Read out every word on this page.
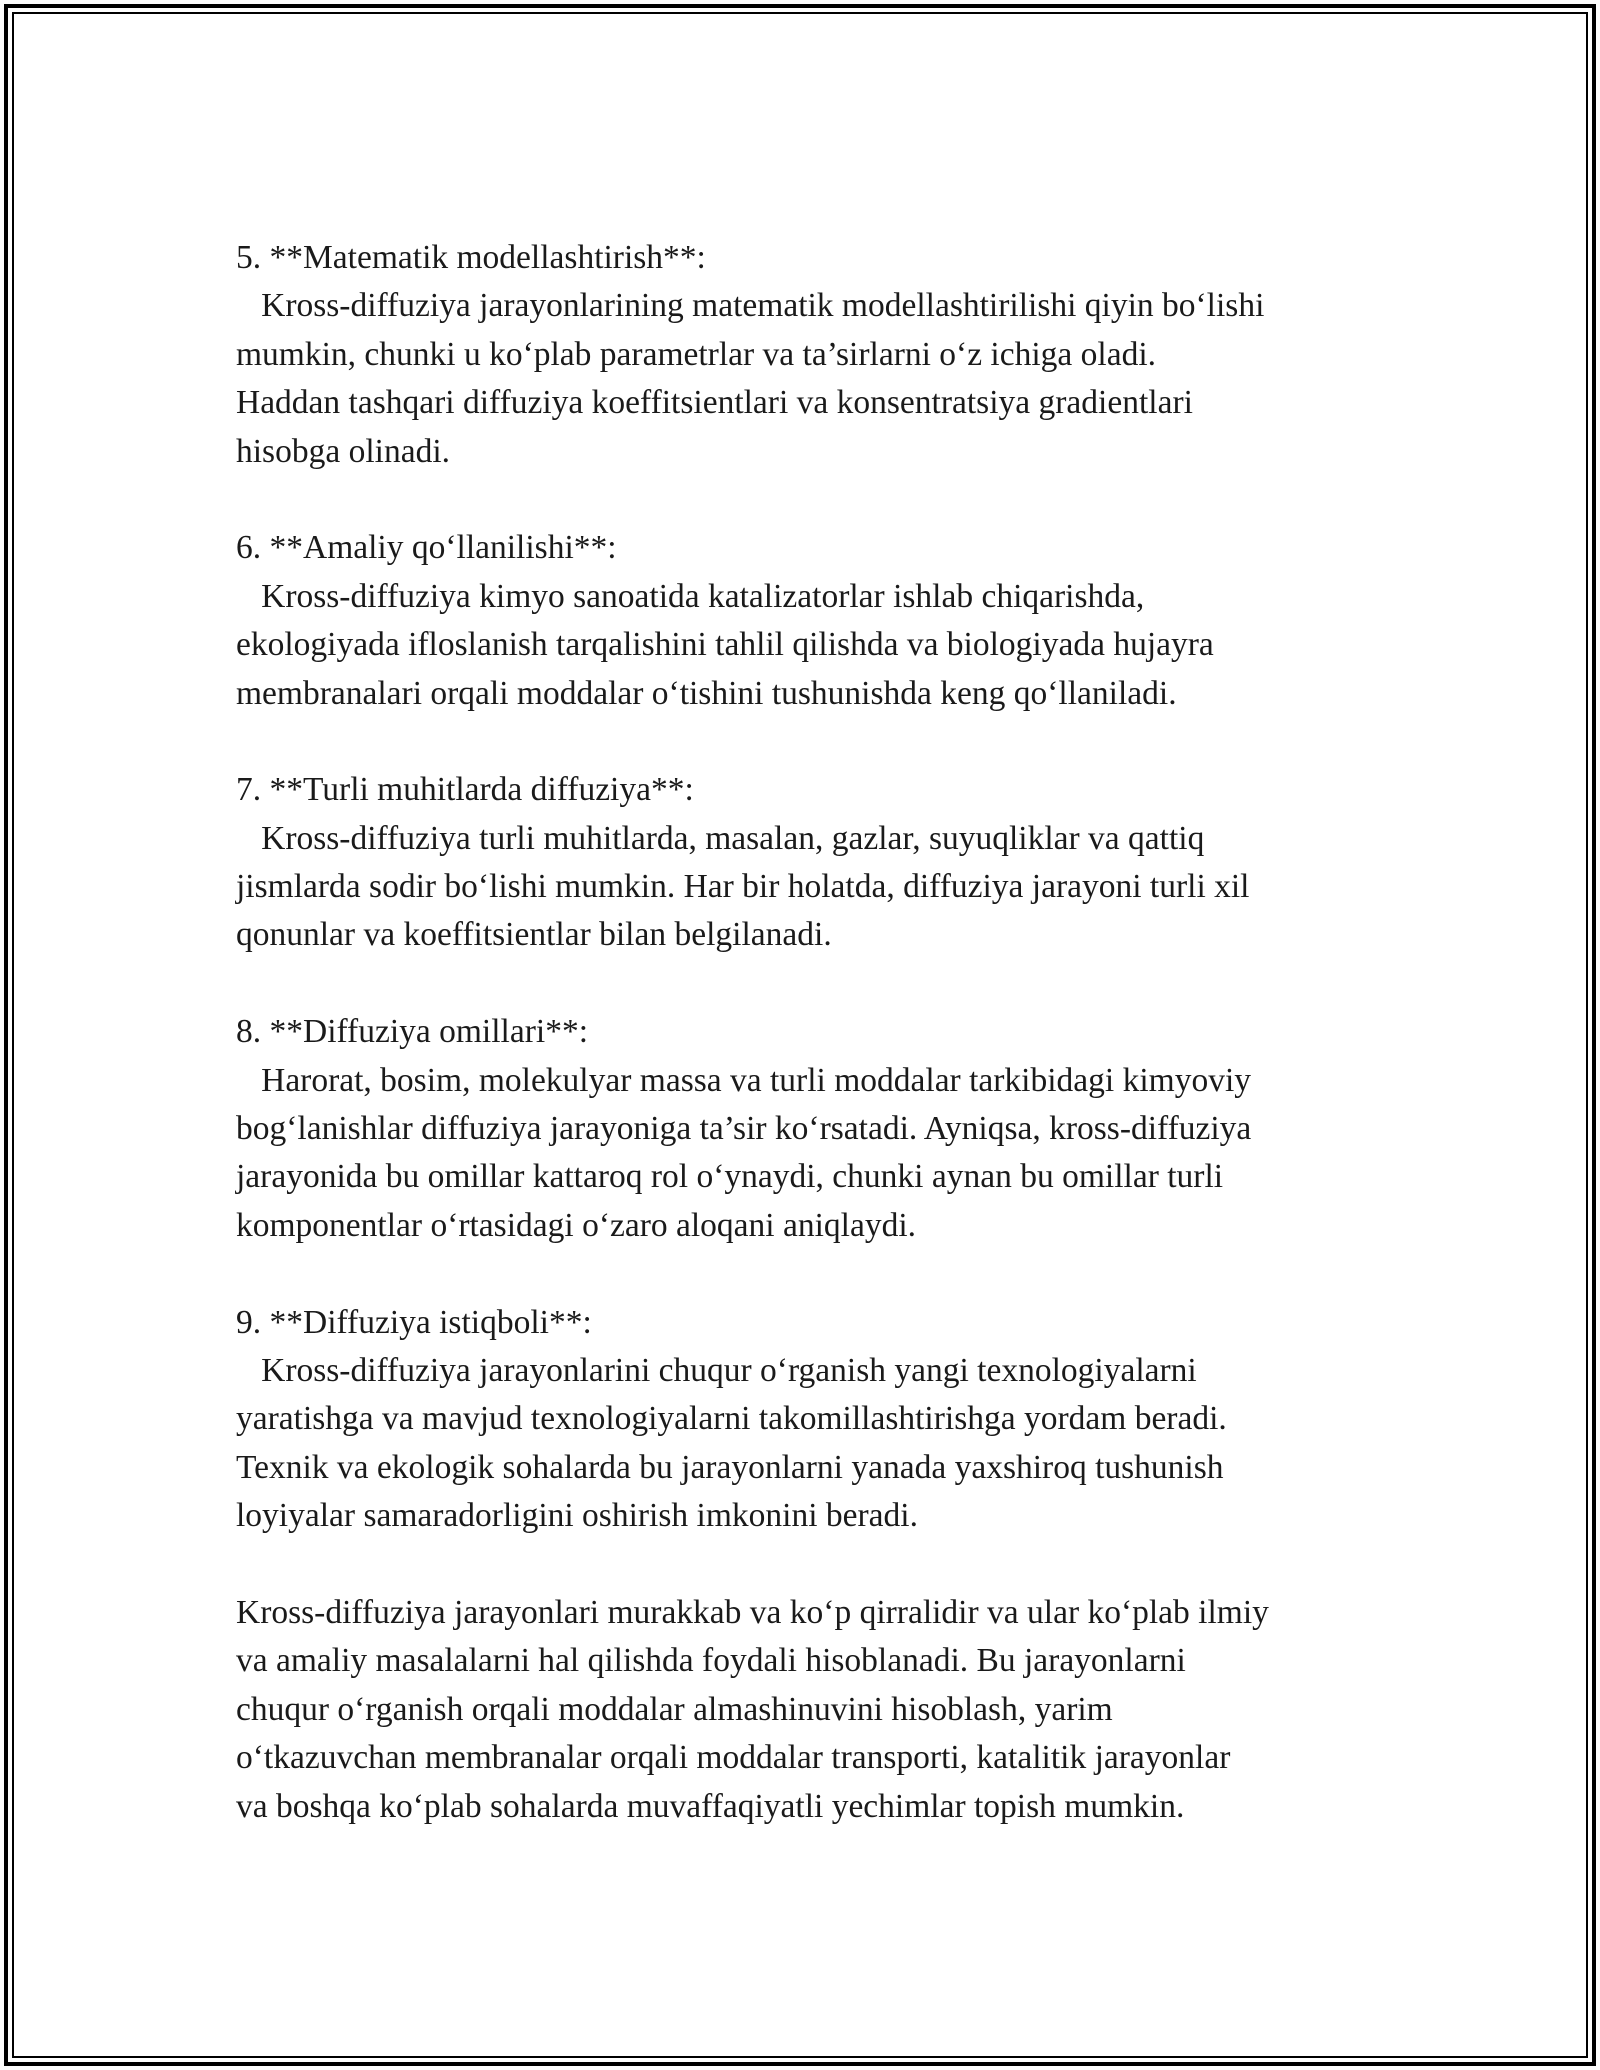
5. **Matematik modellashtirish**:
Kross-diffuziya jarayonlarining matematik modellashtirilishi qiyin bo‘lishi
mumkin, chunki u ko‘plab parametrlar va ta’sirlarni o‘z ichiga oladi.
Haddan tashqari diffuziya koeffitsientlari va konsentratsiya gradientlari
hisobga olinadi.
6. **Amaliy qo‘llanilishi**:
Kross-diffuziya kimyo sanoatida katalizatorlar ishlab chiqarishda,
ekologiyada ifloslanish tarqalishini tahlil qilishda va biologiyada hujayra
membranalari orqali moddalar o‘tishini tushunishda keng qo‘llaniladi.
7. **Turli muhitlarda diffuziya**:
Kross-diffuziya turli muhitlarda, masalan, gazlar, suyuqliklar va qattiq
jismlarda sodir bo‘lishi mumkin. Har bir holatda, diffuziya jarayoni turli xil
qonunlar va koeffitsientlar bilan belgilanadi.
8. **Diffuziya omillari**:
Harorat, bosim, molekulyar massa va turli moddalar tarkibidagi kimyoviy
bog‘lanishlar diffuziya jarayoniga ta’sir ko‘rsatadi. Ayniqsa, kross-diffuziya
jarayonida bu omillar kattaroq rol o‘ynaydi, chunki aynan bu omillar turli
komponentlar o‘rtasidagi o‘zaro aloqani aniqlaydi.
9. **Diffuziya istiqboli**:
Kross-diffuziya jarayonlarini chuqur o‘rganish yangi texnologiyalarni
yaratishga va mavjud texnologiyalarni takomillashtirishga yordam beradi.
Texnik va ekologik sohalarda bu jarayonlarni yanada yaxshiroq tushunish
loyiyalar samaradorligini oshirish imkonini beradi.
Kross-diffuziya jarayonlari murakkab va ko‘p qirralidir va ular ko‘plab ilmiy
va amaliy masalalarni hal qilishda foydali hisoblanadi. Bu jarayonlarni
chuqur o‘rganish orqali moddalar almashinuvini hisoblash, yarim
o‘tkazuvchan membranalar orqali moddalar transporti, katalitik jarayonlar
va boshqa ko‘plab sohalarda muvaffaqiyatli yechimlar topish mumkin.
